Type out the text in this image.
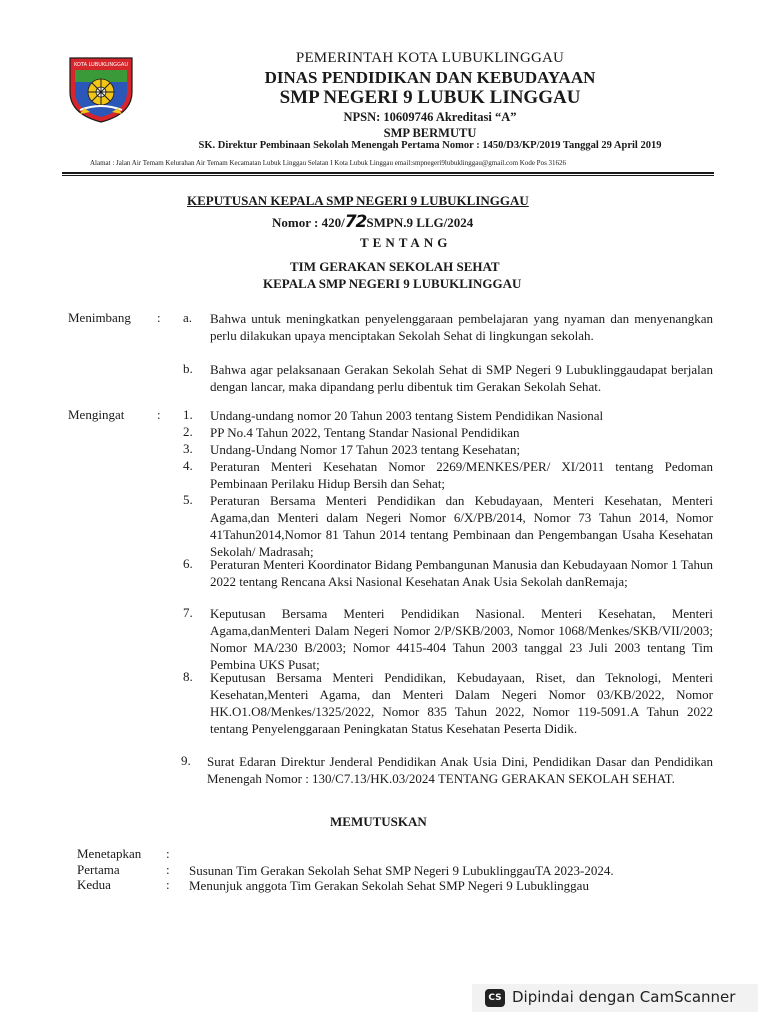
KOTA LUBUKLINGGAU	PEMERINTAH KOTA LUBUKLINGGAU
DINAS PENDIDIKAN DAN KEBUDAYAAN
SMP NEGERI 9 LUBUK LINGGAU
NPSN: 10609746 Akreditasi “A”
SMP BERMUTU
SK. Direktur Pembinaan Sekolah Menengah Pertama Nomor : 1450/D3/KP/2019 Tanggal 29 April 2019
Alamat : Jalan Air Temam Kelurahan Air Temam Kecamatan Lubuk Linggau Selatan I Kota Lubuk Linggau email:smpnegeri9lubuklinggau@gmail.com Kode Pos 31626
KEPUTUSAN KEPALA SMP NEGERI 9 LUBUKLINGGAU
Nomor : 420/72SMPN.9 LLG/2024
TENTANG
TIM GERAKAN SEKOLAH SEHAT
KEPALA SMP NEGERI 9 LUBUKLINGGAU
Menimbang : a. Bahwa untuk meningkatkan penyelenggaraan pembelajaran yang nyaman dan menyenangkan perlu dilakukan upaya menciptakan Sekolah Sehat di lingkungan sekolah.
b. Bahwa agar pelaksanaan Gerakan Sekolah Sehat di SMP Negeri 9 Lubuklinggaudapat berjalan dengan lancar, maka dipandang perlu dibentuk tim Gerakan Sekolah Sehat.
Mengingat	: 1. Undang-undang nomor 20 Tahun 2003 tentang Sistem Pendidikan Nasional
2. PP No.4 Tahun 2022, Tentang Standar Nasional Pendidikan
3. Undang-Undang Nomor 17 Tahun 2023 tentang Kesehatan;
4. Peraturan Menteri Kesehatan Nomor 2269/MENKES/PER/ XI/2011 tentang Pedoman Pembinaan Perilaku Hidup Bersih dan Sehat;
5. Peraturan Bersama Menteri Pendidikan dan Kebudayaan, Menteri Kesehatan, Menteri Agama,dan Menteri dalam Negeri Nomor 6/X/PB/2014, Nomor 73 Tahun 2014, Nomor 41Tahun2014,Nomor 81 Tahun 2014 tentang Pembinaan dan Pengembangan Usaha Kesehatan Sekolah/ Madrasah;
6. Peraturan Menteri Koordinator Bidang Pembangunan Manusia dan Kebudayaan Nomor 1 Tahun 2022 tentang Rencana Aksi Nasional Kesehatan Anak Usia Sekolah danRemaja;
7. Keputusan Bersama Menteri Pendidikan Nasional. Menteri Kesehatan, Menteri Agama,danMenteri Dalam Negeri Nomor 2/P/SKB/2003, Nomor 1068/Menkes/SKB/VII/2003; Nomor MA/230 B/2003; Nomor 4415-404 Tahun 2003 tanggal 23 Juli 2003 tentang Tim Pembina UKS Pusat;
8. Keputusan Bersama Menteri Pendidikan, Kebudayaan, Riset, dan Teknologi, Menteri Kesehatan,Menteri Agama, dan Menteri Dalam Negeri Nomor 03/KB/2022, Nomor HK.O1.O8/Menkes/1325/2022, Nomor 835 Tahun 2022, Nomor 119-5091.A Tahun 2022 tentang Penyelenggaraan Peningkatan Status Kesehatan Peserta Didik.
9. Surat Edaran Direktur Jenderal Pendidikan Anak Usia Dini, Pendidikan Dasar dan Pendidikan Menengah Nomor : 130/C7.13/HK.03/2024 TENTANG GERAKAN SEKOLAH SEHAT.
MEMUTUSKAN
Menetapkan :
Pertama	: Susunan Tim Gerakan Sekolah Sehat SMP Negeri 9 LubuklinggauTA 2023-2024.
Kedua	: Menunjuk anggota Tim Gerakan Sekolah Sehat SMP Negeri 9 Lubuklinggau
CS Dipindai dengan CamScanner
